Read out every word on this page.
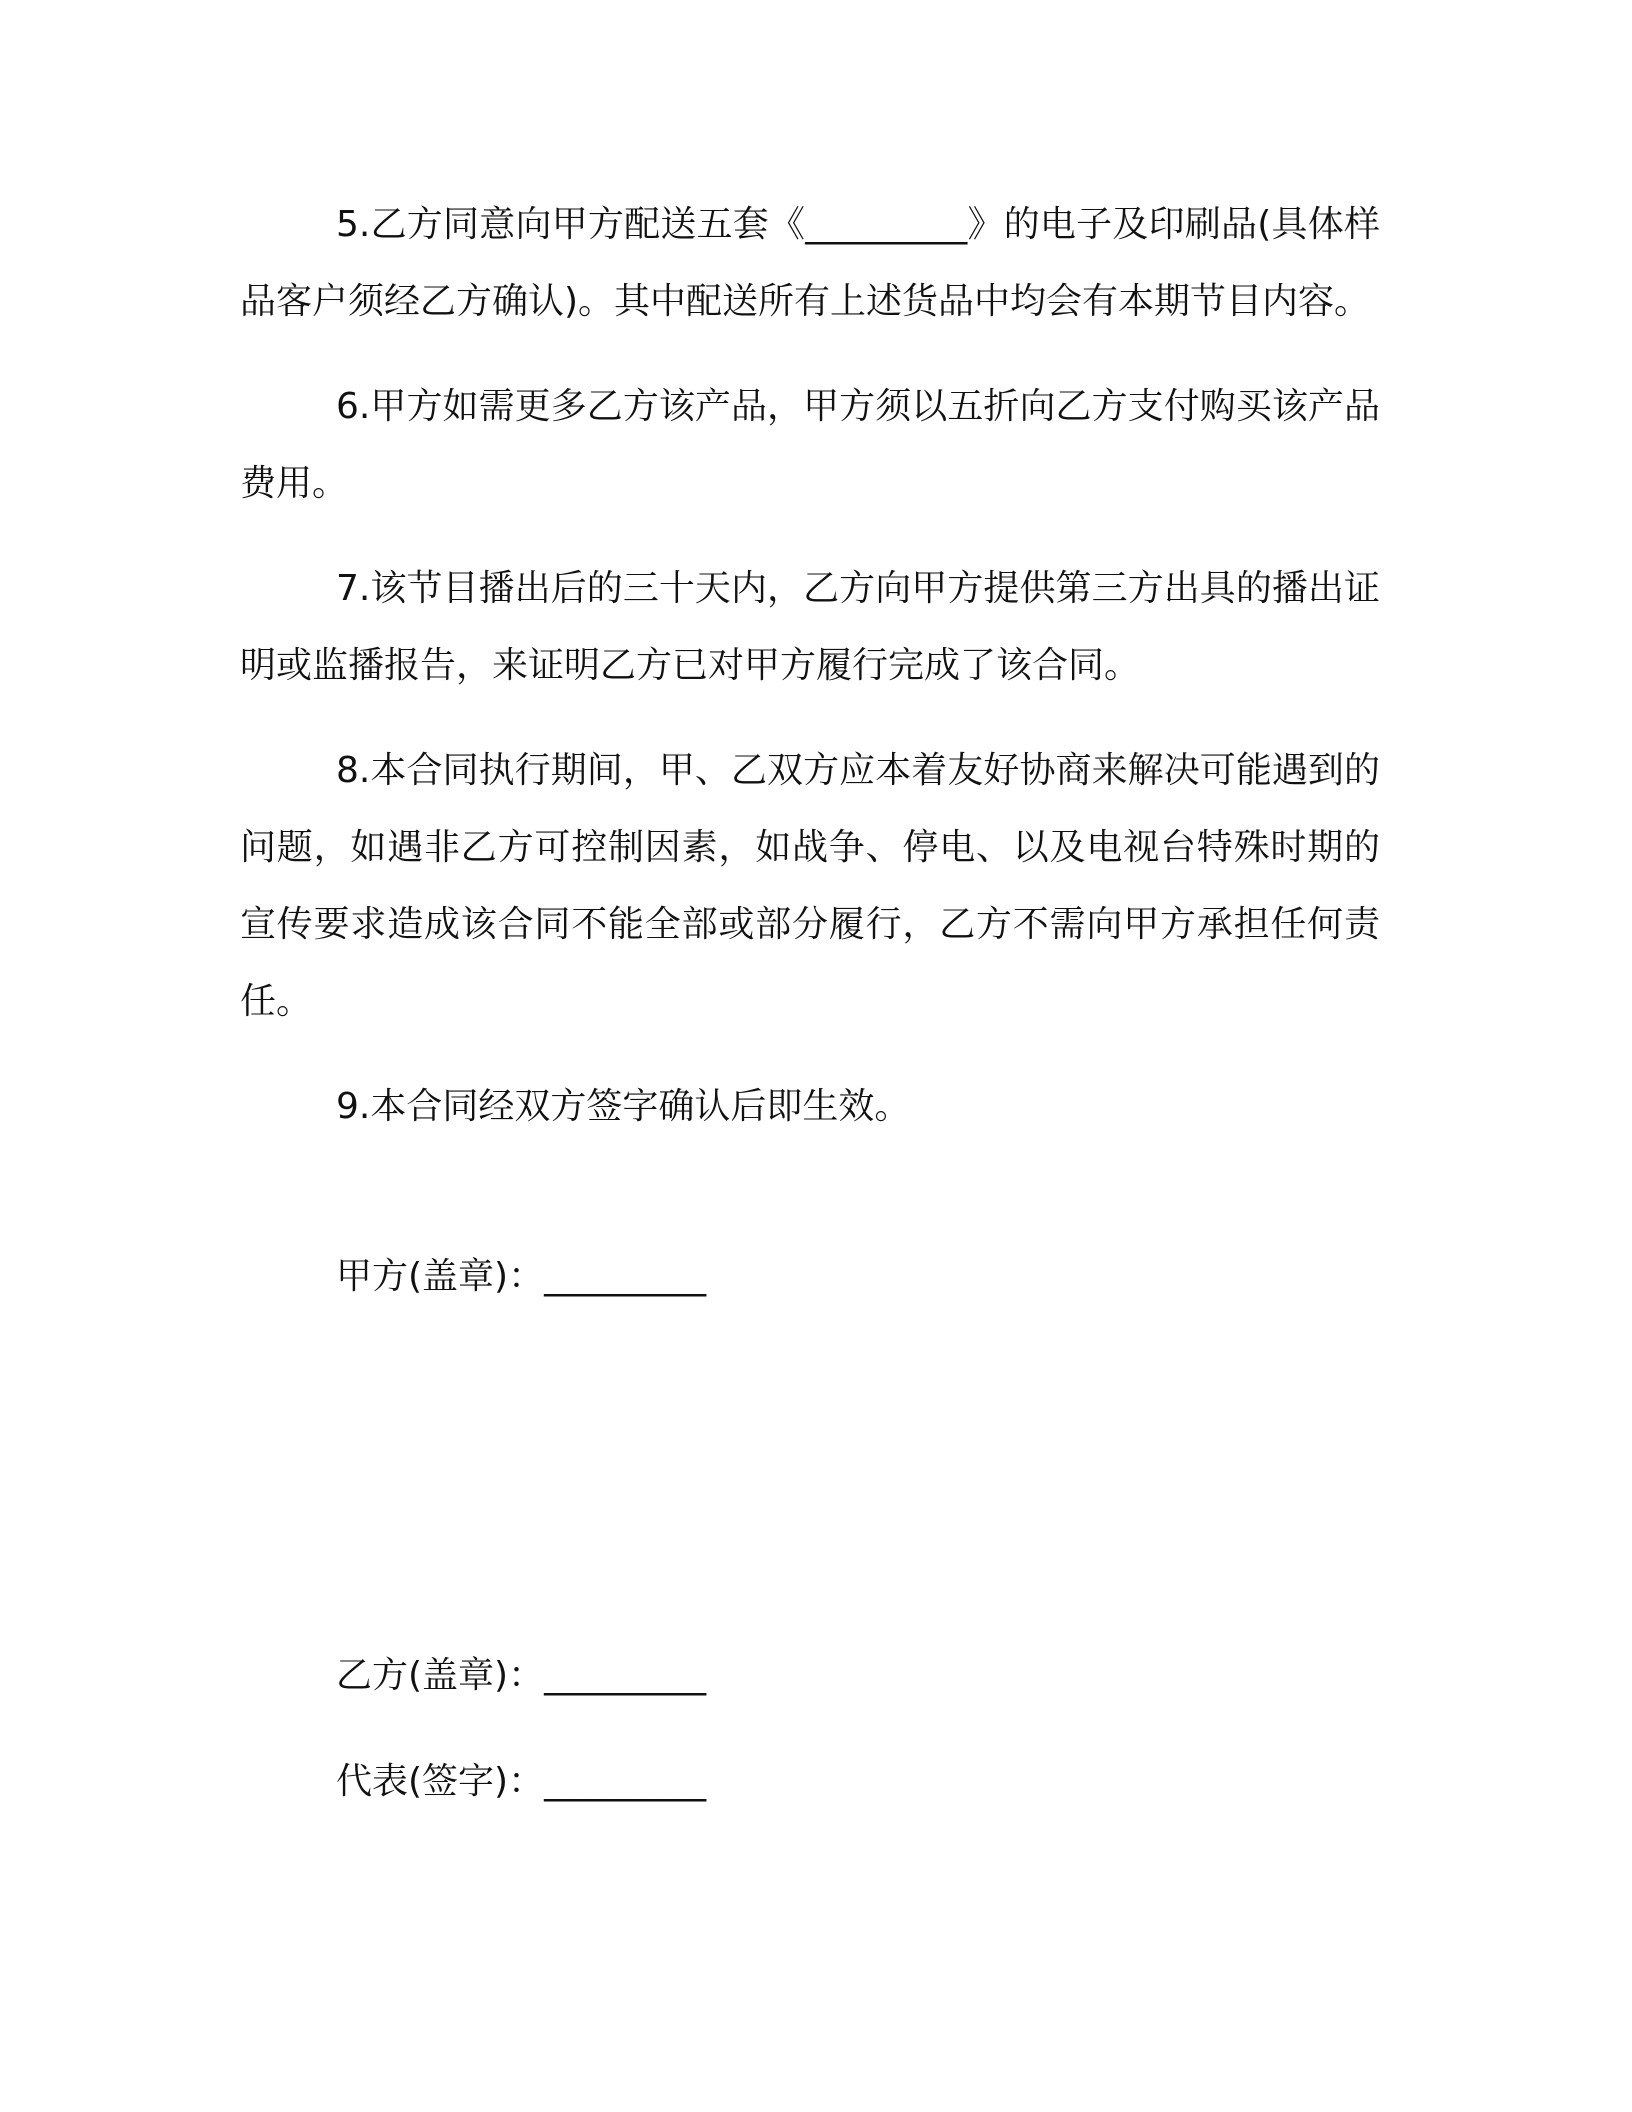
5.乙方同意向甲方配送五套《_________》的电子及印刷品(具体样品客户须经乙方确认)。其中配送所有上述货品中均会有本期节目内容。

6.甲方如需更多乙方该产品，甲方须以五折向乙方支付购买该产品费用。

7.该节目播出后的三十天内，乙方向甲方提供第三方出具的播出证明或监播报告，来证明乙方已对甲方履行完成了该合同。

8.本合同执行期间，甲、乙双方应本着友好协商来解决可能遇到的问题，如遇非乙方可控制因素，如战争、停电、以及电视台特殊时期的宣传要求造成该合同不能全部或部分履行，乙方不需向甲方承担任何责任。

9.本合同经双方签字确认后即生效。

甲方(盖章)：_________
乙方(盖章)：_________
代表(签字)：_________
